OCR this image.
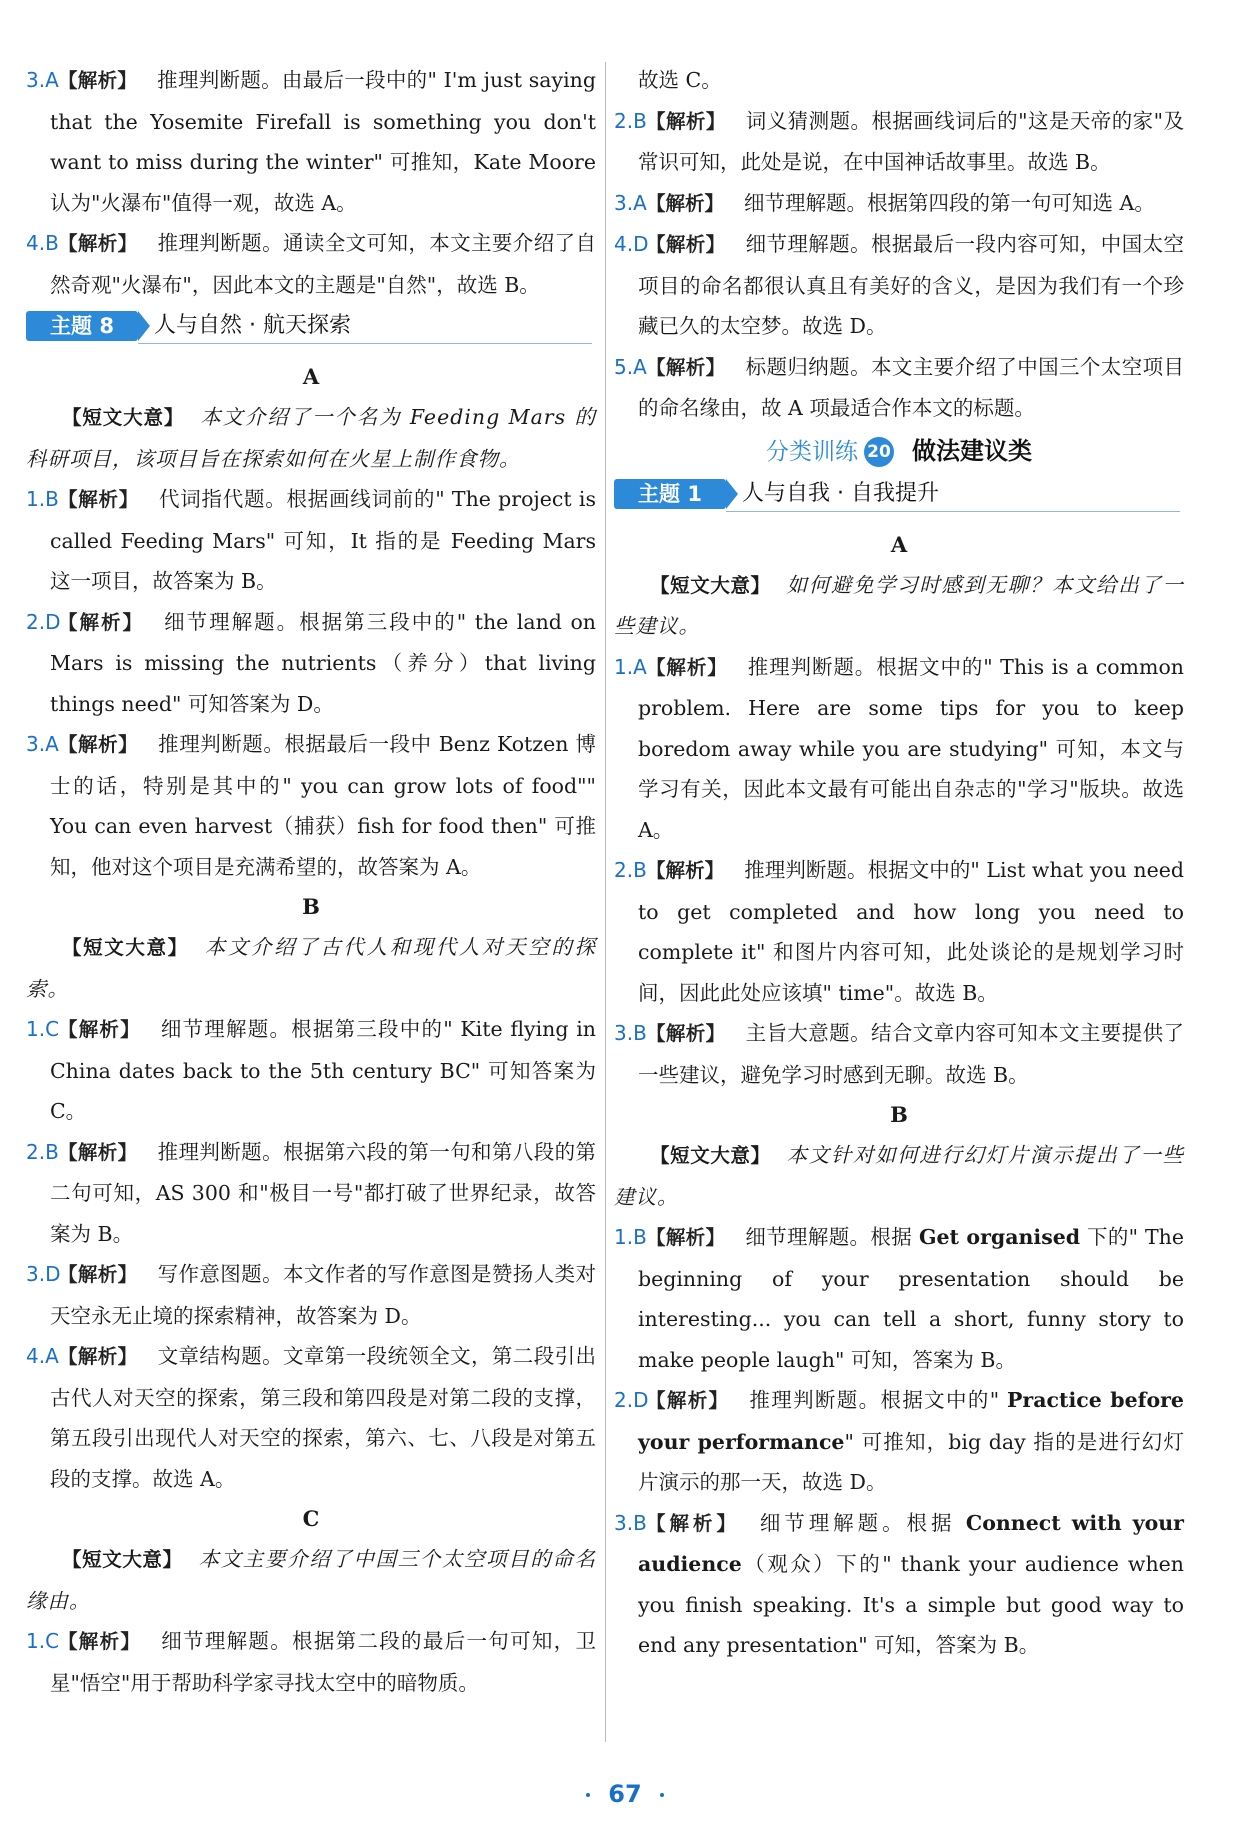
3.A 【解析】 推理判断题。由最后一段中的" I'm just saying that the Yosemite Firefall is something you don't want to miss during the winter" 可推知，Kate Moore 认为"火瀑布"值得一观，故选 A。
4.B 【解析】 推理判断题。通读全文可知，本文主要介绍了自然奇观"火瀑布"，因此本文的主题是"自然"，故选 B。
主题 8	人与自然 · 航天探索
A
【短文大意】 本文介绍了一个名为 Feeding Mars 的科研项目，该项目旨在探索如何在火星上制作食物。
1.B 【解析】 代词指代题。根据画线词前的" The project is called Feeding Mars" 可知，It 指的是 Feeding Mars 这一项目，故答案为 B。
2.D
【解析】 细节理解题。根据第三段中的" the land on Mars is missing the nutrients（养分）that living things need" 可知答案为 D。
3.A 【解析】 推理判断题。根据最后一段中 Benz Kotzen 博士的话，特别是其中的" you can grow lots of food"" You can even harvest（捕获）fish for food then" 可推知，他对这个项目是充满希望的，故答案为 A。
B
【短文大意】 本文介绍了古代人和现代人对天空的探索。
1.C
【解析】 细节理解题。根据第三段中的" Kite flying in China dates back to the 5th century BC" 可知答案为 C。
2.B 【解析】 推理判断题。根据第六段的第一句和第八段的第二句可知，AS 300 和"极目一号"都打破了世界纪录，故答案为 B。
3.D
【解析】 写作意图题。本文作者的写作意图是赞扬人类对天空永无止境的探索精神，故答案为 D。
4.A 【解析】 文章结构题。文章第一段统领全文，第二段引出古代人对天空的探索，第三段和第四段是对第二段的支撑，第五段引出现代人对天空的探索，第六、七、八段是对第五段的支撑。故选 A。
C
【短文大意】 本文主要介绍了中国三个太空项目的命名缘由。
1.C
【解析】 细节理解题。根据第二段的最后一句可知，卫星"悟空"用于帮助科学家寻找太空中的暗物质。
故选 C。
2.B 【解析】 词义猜测题。根据画线词后的"这是天帝的家"及常识可知，此处是说，在中国神话故事里。故选 B。
3.A 【解析】 细节理解题。根据第四段的第一句可知选 A。
4.D
【解析】 细节理解题。根据最后一段内容可知，中国太空项目的命名都很认真且有美好的含义，是因为我们有一个珍藏已久的太空梦。故选 D。
5.A 【解析】 标题归纳题。本文主要介绍了中国三个太空项目的命名缘由，故 A 项最适合作本文的标题。
分类训练 20 做法建议类
主题 1	人与自我 · 自我提升
A
【短文大意】 如何避免学习时感到无聊？本文给出了一些建议。
1.A 【解析】 推理判断题。根据文中的" This is a common problem. Here are some tips for you to keep boredom away while you are studying" 可知，本文与学习有关，因此本文最有可能出自杂志的"学习"版块。故选 A。
2.B 【解析】 推理判断题。根据文中的" List what you need to get completed and how long you need to complete it" 和图片内容可知，此处谈论的是规划学习时间，因此此处应该填" time"。故选 B。
3.B 【解析】 主旨大意题。结合文章内容可知本文主要提供了一些建议，避免学习时感到无聊。故选 B。
B
【短文大意】 本文针对如何进行幻灯片演示提出了一些建议。
1.B 【解析】 细节理解题。根据 Get organised 下的" The beginning of your presentation should be interesting... you can tell a short, funny story to make people laugh" 可知，答案为 B。
2.D
【解析】 推理判断题。根据文中的" Practice before your performance" 可推知，big day 指的是进行幻灯片演示的那一天，故选 D。
3.B 【解析】 细节理解题。根据 Connect with your audience（观众）下的" thank your audience when you finish speaking. It's a simple but good way to end any presentation" 可知，答案为 B。
67
